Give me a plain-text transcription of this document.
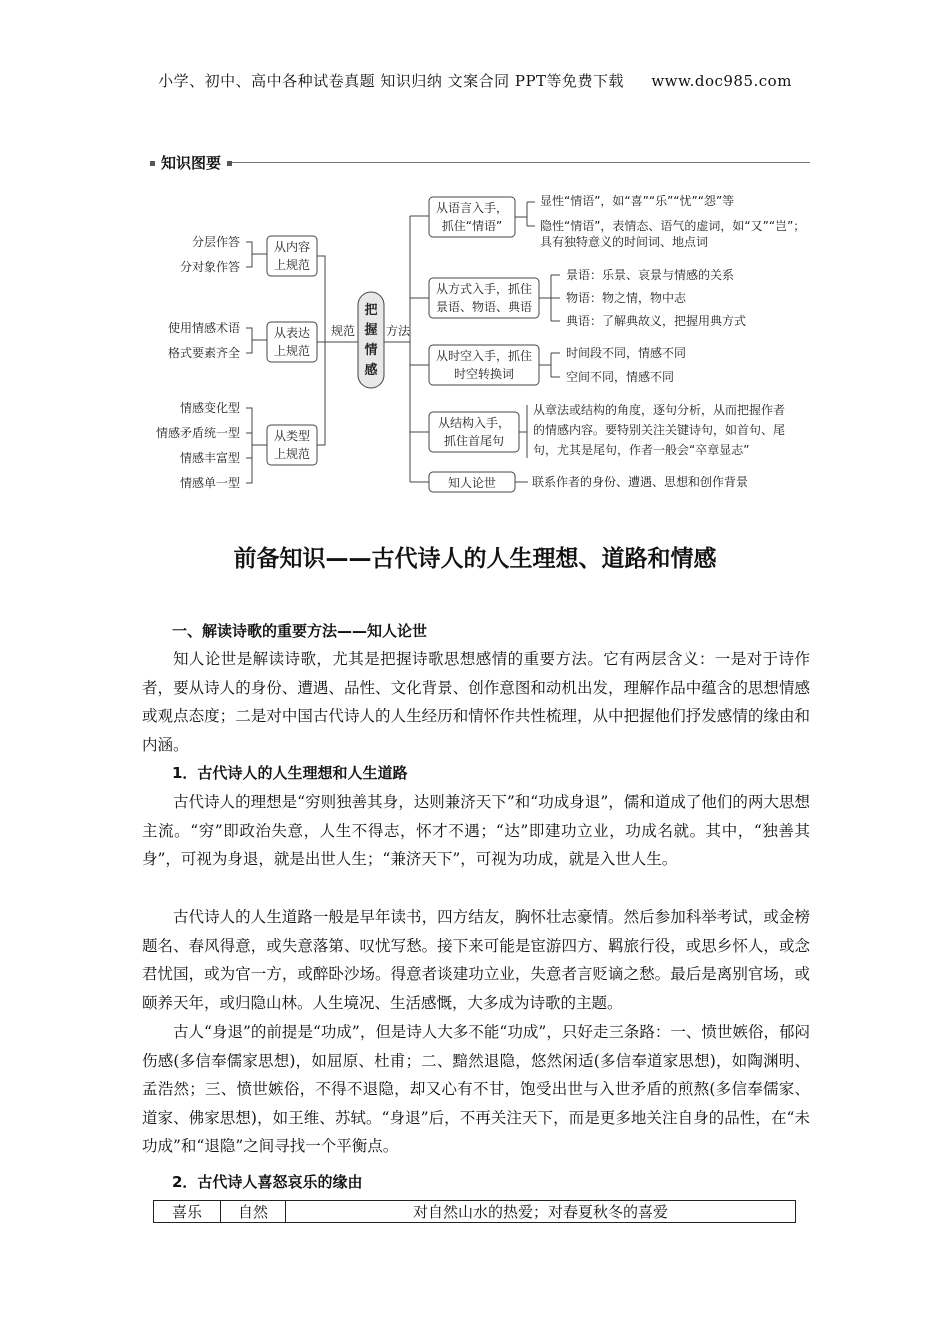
小学、初中、高中各种试卷真题 知识归纳 文案合同 PPT等免费下载 www.doc985.com
知识图要
分层作答
分对象作答
从内容
上规范
使用情感术语
格式要素齐全
从表达
上规范
情感变化型
情感矛盾统一型
情感丰富型
情感单一型
从类型
上规范
规范
把
握
情
感
方法
从语言入手，
抓住“情语”
显性“情语”，如“喜”“乐”“忧”“怨”等
隐性“情语”，表情态、语气的虚词，如“又”“岂”；
具有独特意义的时间词、地点词
从方式入手，抓住
景语、物语、典语
景语：乐景、哀景与情感的关系
物语：物之情，物中志
典语：了解典故义，把握用典方式
从时空入手，抓住
时空转换词
时间段不同，情感不同
空间不同，情感不同
从结构入手，
抓住首尾句
从章法或结构的角度，逐句分析，从而把握作者
的情感内容。要特别关注关键诗句，如首句、尾
句，尤其是尾句，作者一般会“卒章显志”
知人论世	联系作者的身份、遭遇、思想和创作背景
前备知识——古代诗人的人生理想、道路和情感
一、解读诗歌的重要方法——知人论世
知人论世是解读诗歌，尤其是把握诗歌思想感情的重要方法。它有两层含义：一是对于诗作者，要从诗人的身份、遭遇、品性、文化背景、创作意图和动机出发，理解作品中蕴含的思想情感或观点态度；二是对中国古代诗人的人生经历和情怀作共性梳理，从中把握他们抒发感情的缘由和内涵。
1．古代诗人的人生理想和人生道路
古代诗人的理想是“穷则独善其身，达则兼济天下”和“功成身退”，儒和道成了他们的两大思想主流。“穷”即政治失意，人生不得志，怀才不遇；“达”即建功立业，功成名就。其中，“独善其身”，可视为身退，就是出世人生；“兼济天下”，可视为功成，就是入世人生。
古代诗人的人生道路一般是早年读书，四方结友，胸怀壮志豪情。然后参加科举考试，或金榜题名、春风得意，或失意落第、叹忧写愁。接下来可能是宦游四方、羁旅行役，或思乡怀人，或念君忧国，或为官一方，或醉卧沙场。得意者谈建功立业，失意者言贬谪之愁。最后是离别官场，或颐养天年，或归隐山林。人生境况、生活感慨，大多成为诗歌的主题。
古人“身退”的前提是“功成”，但是诗人大多不能“功成”，只好走三条路：一、愤世嫉俗，郁闷伤感(多信奉儒家思想)，如屈原、杜甫；二、黯然退隐，悠然闲适(多信奉道家思想)，如陶渊明、孟浩然；三、愤世嫉俗，不得不退隐，却又心有不甘，饱受出世与入世矛盾的煎熬(多信奉儒家、道家、佛家思想)，如王维、苏轼。“身退”后，不再关注天下，而是更多地关注自身的品性，在“未功成”和“退隐”之间寻找一个平衡点。
2．古代诗人喜怒哀乐的缘由
喜乐	自然	对自然山水的热爱；对春夏秋冬的喜爱
